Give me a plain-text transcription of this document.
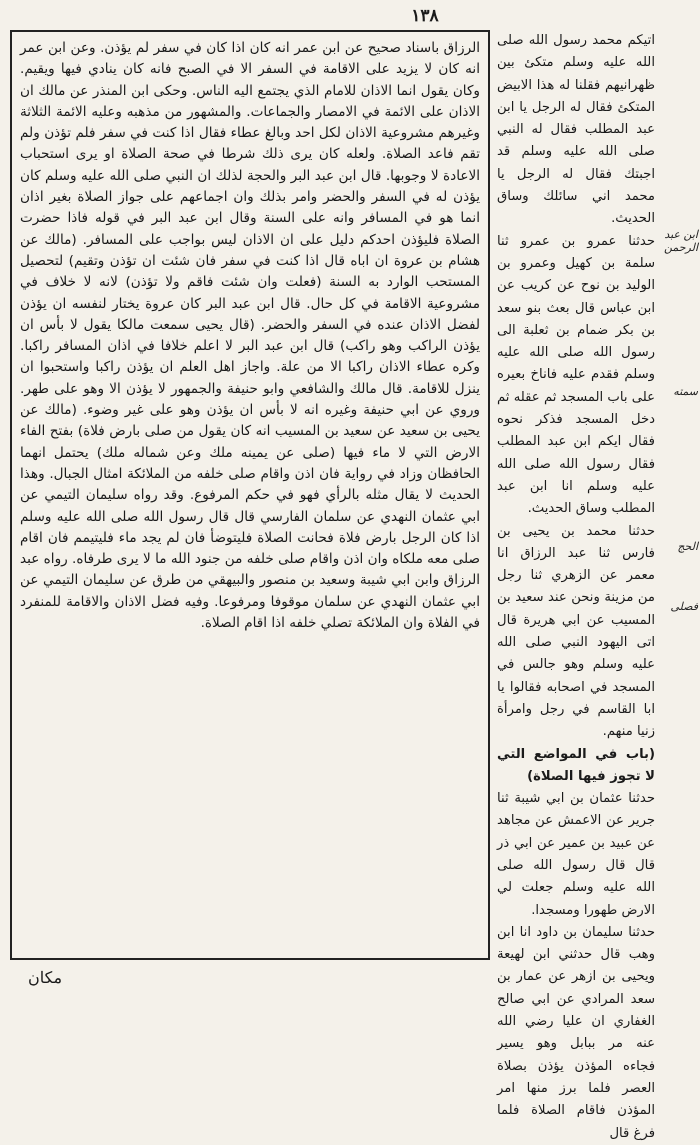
١٣٨

الرزاق باسناد صحيح عن ابن عمر انه كان اذا كان في سفر لم يؤذن. وعن ابن عمر انه كان لا يزيد على الاقامة في السفر الا في الصبح فانه كان ينادي فيها ويقيم. وكان يقول انما الاذان للامام الذي يجتمع اليه الناس. وحكى ابن المنذر عن مالك ان الاذان على الائمة في الامصار والجماعات. والمشهور من مذهبه وعليه الائمة الثلاثة وغيرهم مشروعية الاذان لكل احد وبالغ عطاء فقال اذا كنت في سفر فلم تؤذن ولم تقم فاعد الصلاة. ولعله كان يرى ذلك شرطا في صحة الصلاة او يرى استحباب الاعادة لا وجوبها. قال ابن عبد البر والحجة لذلك ان النبي صلى الله عليه وسلم كان يؤذن له في السفر والحضر وامر بذلك وان اجماعهم على جواز الصلاة بغير اذان انما هو في المسافر وانه على السنة وقال ابن عبد البر في قوله فاذا حضرت الصلاة فليؤذن احدكم دليل على ان الاذان ليس بواجب على المسافر. (مالك عن هشام بن عروة ان اباه قال اذا كنت في سفر فان شئت ان تؤذن وتقيم) لتحصيل المستحب الوارد به السنة (فعلت وان شئت فاقم ولا تؤذن) لانه لا خلاف في مشروعية الاقامة في كل حال. قال ابن عبد البر كان عروة يختار لنفسه ان يؤذن لفضل الاذان عنده في السفر والحضر. (قال يحيى سمعت مالكا يقول لا بأس ان يؤذن الراكب وهو راكب) قال ابن عبد البر لا اعلم خلافا في اذان المسافر راكبا. وكره عطاء الاذان راكبا الا من علة. واجاز اهل العلم ان يؤذن راكبا واستحبوا ان ينزل للاقامة. قال مالك والشافعي وابو حنيفة والجمهور لا يؤذن الا وهو على طهر. وروي عن ابي حنيفة وغيره انه لا بأس ان يؤذن وهو على غير وضوء. (مالك عن يحيى بن سعيد عن سعيد بن المسيب انه كان يقول من صلى بارض فلاة) بفتح الفاء الارض التي لا ماء فيها (صلى عن يمينه ملك وعن شماله ملك) يحتمل انهما الحافظان وزاد في رواية فان اذن واقام صلى خلفه من الملائكة امثال الجبال. وهذا الحديث لا يقال مثله بالرأي فهو في حكم المرفوع. وقد رواه سليمان التيمي عن ابي عثمان النهدي عن سلمان الفارسي قال قال رسول الله صلى الله عليه وسلم اذا كان الرجل بارض فلاة فحانت الصلاة فليتوضأ فان لم يجد ماء فليتيمم فان اقام صلى معه ملكاه وان اذن واقام صلى خلفه من جنود الله ما لا يرى طرفاه. رواه عبد الرزاق وابن ابي شيبة وسعيد بن منصور والبيهقي من طرق عن سليمان التيمي عن ابي عثمان النهدي عن سلمان موقوفا ومرفوعا. وفيه فضل الاذان والاقامة للمنفرد في الفلاة وان الملائكة تصلي خلفه اذا اقام الصلاة.

اتيكم محمد رسول الله صلى الله عليه وسلم متكئ بين ظهرانيهم فقلنا له هذا الابيض المتكئ فقال له الرجل يا ابن عبد المطلب فقال له النبي صلى الله عليه وسلم قد اجبتك فقال له الرجل يا محمد اني سائلك وساق الحديث.

حدثنا عمرو بن عمرو ثنا سلمة بن كهيل وعمرو بن الوليد بن نوح عن كريب عن ابن عباس قال بعث بنو سعد بن بكر ضمام بن ثعلبة الى رسول الله صلى الله عليه وسلم فقدم عليه فاناخ بعيره على باب المسجد ثم عقله ثم دخل المسجد فذكر نحوه فقال ايكم ابن عبد المطلب فقال رسول الله صلى الله عليه وسلم انا ابن عبد المطلب وساق الحديث.

حدثنا محمد بن يحيى بن فارس ثنا عبد الرزاق انا معمر عن الزهري ثنا رجل من مزينة ونحن عند سعيد بن المسيب عن ابي هريرة قال اتى اليهود النبي صلى الله عليه وسلم وهو جالس في المسجد في اصحابه فقالوا يا ابا القاسم في رجل وامرأة زنيا منهم.

(باب في المواضع التي لا تجوز فيها الصلاة)

حدثنا عثمان بن ابي شيبة ثنا جرير عن الاعمش عن مجاهد عن عبيد بن عمير عن ابي ذر قال قال رسول الله صلى الله عليه وسلم جعلت لي الارض طهورا ومسجدا.

حدثنا سليمان بن داود انا ابن وهب قال حدثني ابن لهيعة ويحيى بن ازهر عن عمار بن سعد المرادي عن ابي صالح الغفاري ان عليا رضي الله عنه مر ببابل وهو يسير فجاءه المؤذن يؤذن بصلاة العصر فلما برز منها امر المؤذن فاقام الصلاة فلما فرغ قال

ابن عبد الرحمن
سمته
الحج
فصلى
مكان
